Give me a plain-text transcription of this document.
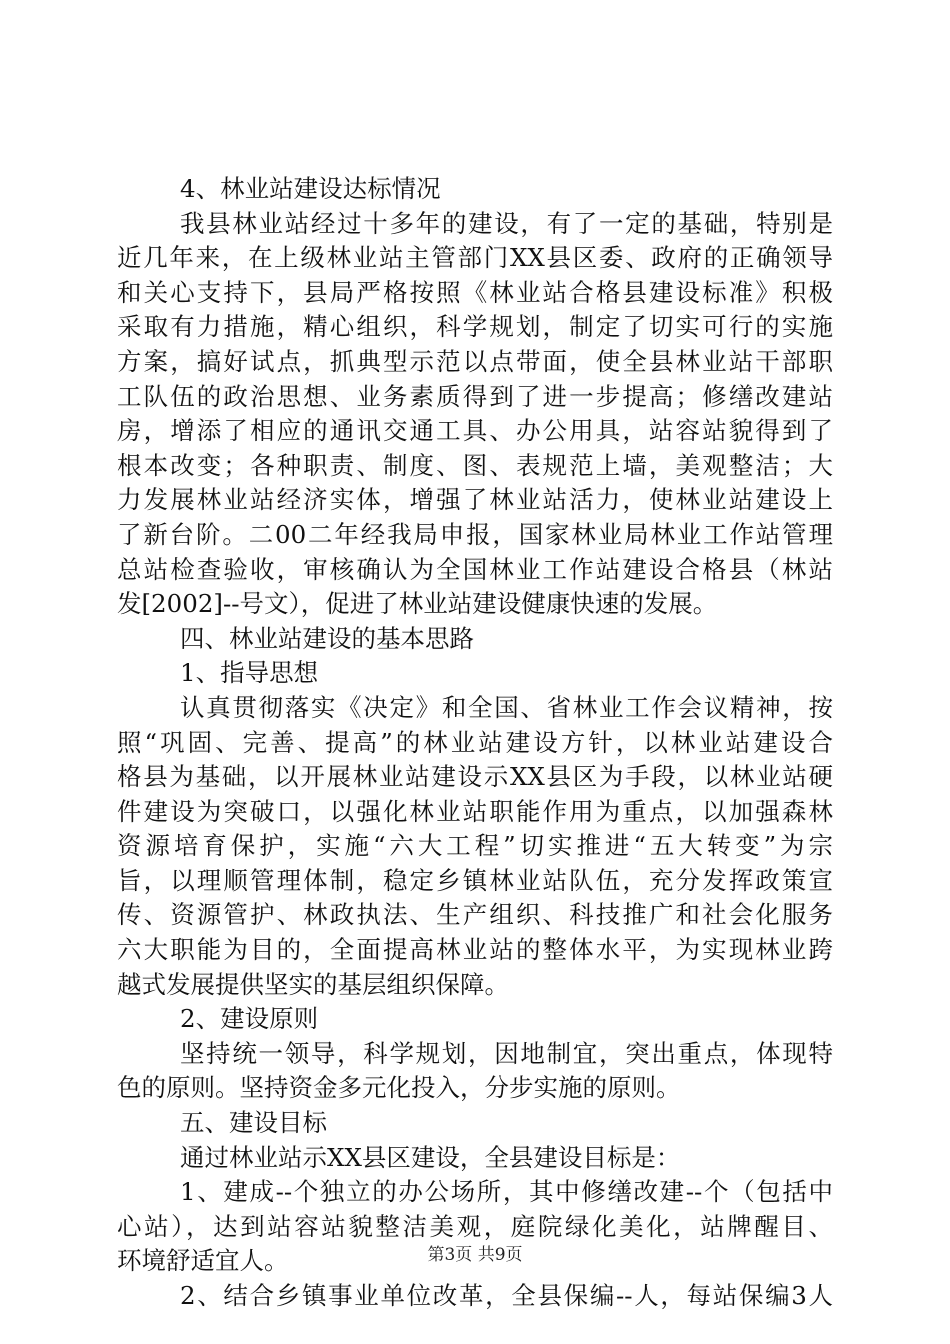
4、林业站建设达标情况
我县林业站经过十多年的建设，有了一定的基础，特别是
近几年来，在上级林业站主管部门XX县区委、政府的正确领导
和关心支持下，县局严格按照《林业站合格县建设标准》积极
采取有力措施，精心组织，科学规划，制定了切实可行的实施
方案，搞好试点，抓典型示范以点带面，使全县林业站干部职
工队伍的政治思想、业务素质得到了进一步提高；修缮改建站
房，增添了相应的通讯交通工具、办公用具，站容站貌得到了
根本改变；各种职责、制度、图、表规范上墙，美观整洁；大
力发展林业站经济实体，增强了林业站活力，使林业站建设上
了新台阶。二00二年经我局申报，国家林业局林业工作站管理
总站检查验收，审核确认为全国林业工作站建设合格县（林站
发[2002]--号文），促进了林业站建设健康快速的发展。
四、林业站建设的基本思路
1、指导思想
认真贯彻落实《决定》和全国、省林业工作会议精神，按
照“巩固、完善、提高”的林业站建设方针，以林业站建设合
格县为基础，以开展林业站建设示XX县区为手段，以林业站硬
件建设为突破口，以强化林业站职能作用为重点，以加强森林
资源培育保护，实施“六大工程”切实推进“五大转变”为宗
旨，以理顺管理体制，稳定乡镇林业站队伍，充分发挥政策宣
传、资源管护、林政执法、生产组织、科技推广和社会化服务
六大职能为目的，全面提高林业站的整体水平，为实现林业跨
越式发展提供坚实的基层组织保障。
2、建设原则
坚持统一领导，科学规划，因地制宜，突出重点，体现特
色的原则。坚持资金多元化投入，分步实施的原则。
五、建设目标
通过林业站示XX县区建设，全县建设目标是：
1、建成--个独立的办公场所，其中修缮改建--个（包括中
心站），达到站容站貌整洁美观，庭院绿化美化，站牌醒目、
环境舒适宜人。
2、结合乡镇事业单位改革，全县保编--人，每站保编3人
第3页 共9页
